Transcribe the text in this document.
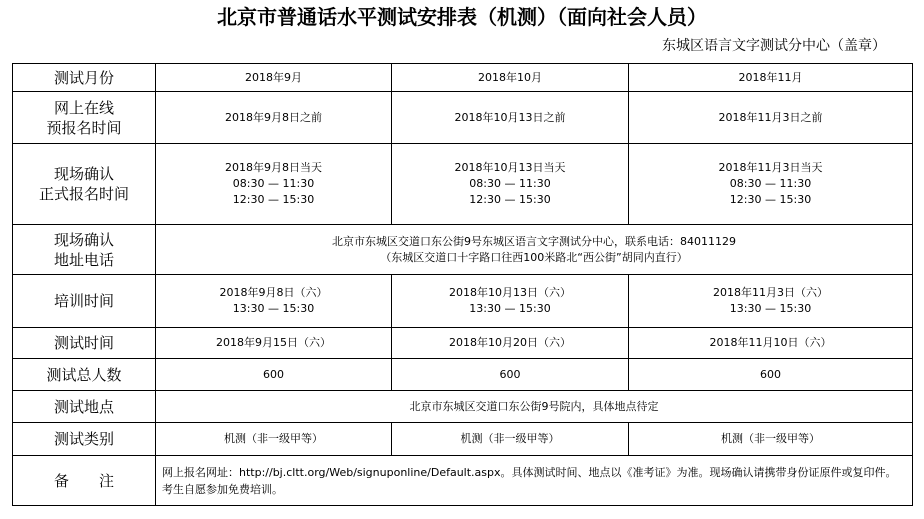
北京市普通话水平测试安排表（机测）（面向社会人员）
东城区语言文字测试分中心（盖章）
测试月份	2018年9月	2018年10月	2018年11月

网上在线
预报名时间	2018年9月8日之前	2018年10月13日之前	2018年11月3日之前

现场确认
正式报名时间	2018年9月8日当天
08:30 — 11:30
12:30 — 15:30	2018年10月13日当天
08:30 — 11:30
12:30 — 15:30	2018年11月3日当天
08:30 — 11:30
12:30 — 15:30

现场确认
地址电话	北京市东城区交道口东公街9号东城区语言文字测试分中心，联系电话：84011129
（东城区交道口十字路口往西100米路北“西公街”胡同内直行）		

培训时间	2018年9月8日（六）
13:30 — 15:30	2018年10月13日（六）
13:30 — 15:30	2018年11月3日（六）
13:30 — 15:30

测试时间	2018年9月15日（六）	2018年10月20日（六）	2018年11月10日（六）
测试总人数	600	600	600
测试地点	北京市东城区交道口东公街9号院内，具体地点待定		
测试类别	机测（非一级甲等）	机测（非一级甲等）	机测（非一级甲等）
备　　注	网上报名网址：http://bj.cltt.org/Web/signuponline/Default.aspx。具体测试时间、地点以《准考证》为准。现场确认请携带身份证原件或复印件。考生自愿参加免费培训。		
